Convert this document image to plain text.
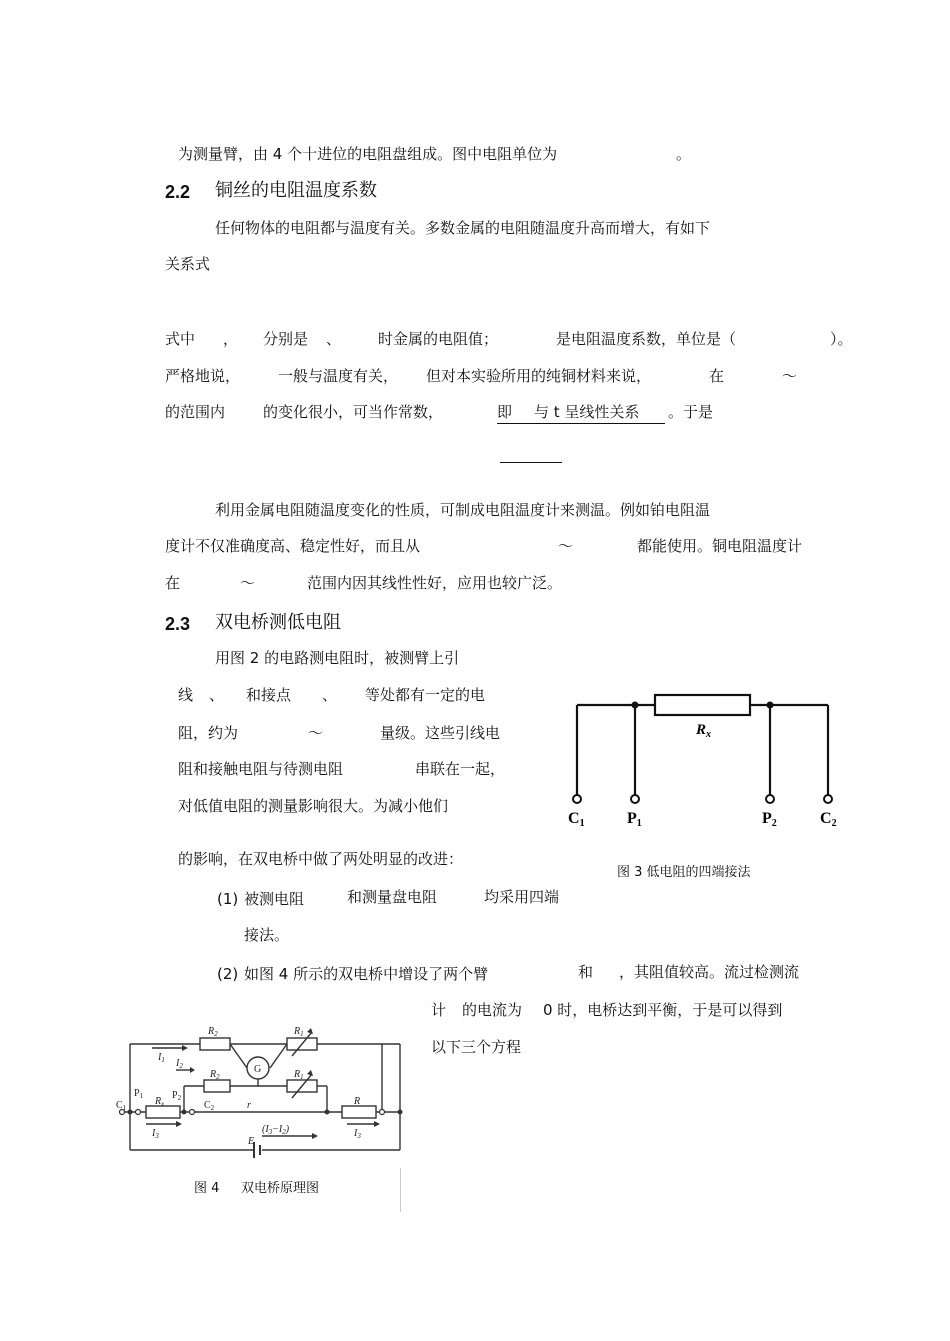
为测量臂，由 4 个十进位的电阻盘组成。图中电阻单位为	。
2.2 铜丝的电阻温度系数
任何物体的电阻都与温度有关。多数金属的电阻随温度升高而增大，有如下
关系式
式中 ， 分别是 、 时金属的电阻值；	是电阻温度系数，单位是（	）。
严格地说，	一般与温度有关， 但对本实验所用的纯铜材料来说，	在	～
的范围内	的变化很小，可当作常数，	即 与 t 呈线性关系	。于是
利用金属电阻随温度变化的性质，可制成电阻温度计来测温。例如铂电阻温
度计不仅准确度高、稳定性好，而且从	～	都能使用。铜电阻温度计
在	～	范围内因其线性性好，应用也较广泛。
2.3 双电桥测低电阻
用图 2 的电路测电阻时，被测臂上引
线 、 和接点 、 等处都有一定的电
阻，约为	～	量级。这些引线电
阻和接触电阻与待测电阻	串联在一起，
对低值电阻的测量影响很大。为减小他们
的影响，在双电桥中做了两处明显的改进：
$R_x$
C1	P1	P2	C2
图 3 低电阻的四端接法
(1) 被测电阻	和测量盘电阻	均采用四端
接法。
(2) 如图 4 所示的双电桥中增设了两个臂	和 ，其阻值较高。流过检测流
计 的电流为 0 时，电桥达到平衡，于是可以得到
以下三个方程
$R_2$	$R_1$
$R_2$	$R_1$
$R_x$	R
r
G
$I_1$ $I_2$
$I_3$	$I_3$
$(I_3-I_2)$
E
$C_1$
$P_1$	$P_2$
$C_2$
图 4 双电桥原理图
